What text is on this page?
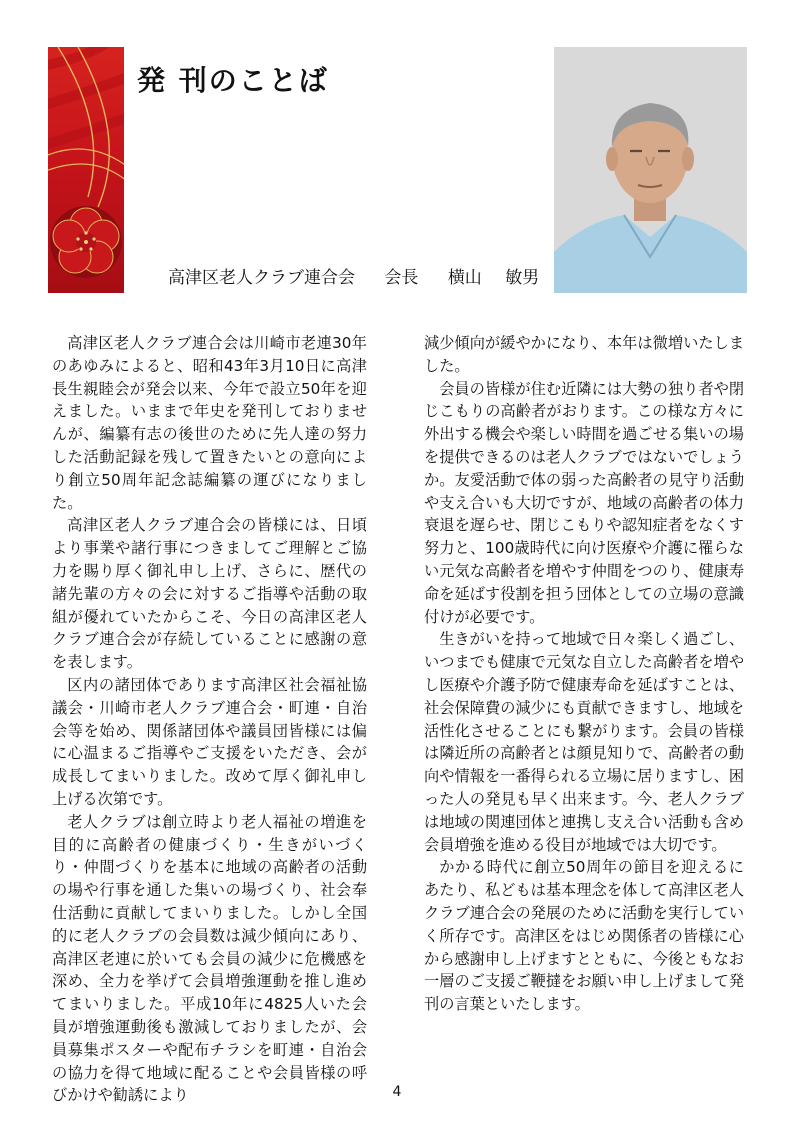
発 刊のことば
高津区老人クラブ連合会 会長 横山 敏男

高津区老人クラブ連合会は川崎市老連30年のあゆみによると、昭和43年3月10日に高津長生親睦会が発会以来、今年で設立50年を迎えました。いままで年史を発刊しておりませんが、編纂有志の後世のために先人達の努力した活動記録を残して置きたいとの意向により創立50周年記念誌編纂の運びになりました。

高津区老人クラブ連合会の皆様には、日頃より事業や諸行事につきましてご理解とご協力を賜り厚く御礼申し上げ、さらに、歴代の諸先輩の方々の会に対するご指導や活動の取組が優れていたからこそ、今日の高津区老人クラブ連合会が存続していることに感謝の意を表します。

区内の諸団体であります高津区社会福祉協議会・川崎市老人クラブ連合会・町連・自治会等を始め、関係諸団体や議員団皆様には偏に心温まるご指導やご支援をいただき、会が成長してまいりました。改めて厚く御礼申し上げる次第です。

老人クラブは創立時より老人福祉の増進を目的に高齢者の健康づくり・生きがいづくり・仲間づくりを基本に地域の高齢者の活動の場や行事を通した集いの場づくり、社会奉仕活動に貢献してまいりました。しかし全国的に老人クラブの会員数は減少傾向にあり、高津区老連に於いても会員の減少に危機感を深め、全力を挙げて会員増強運動を推し進めてまいりました。平成10年に4825人いた会員が増強運動後も激減しておりましたが、会員募集ポスターや配布チラシを町連・自治会の協力を得て地域に配ることや会員皆様の呼びかけや勧誘により

減少傾向が緩やかになり、本年は微増いたしました。

会員の皆様が住む近隣には大勢の独り者や閉じこもりの高齢者がおります。この様な方々に外出する機会や楽しい時間を過ごせる集いの場を提供できるのは老人クラブではないでしょうか。友愛活動で体の弱った高齢者の見守り活動や支え合いも大切ですが、地域の高齢者の体力衰退を遅らせ、閉じこもりや認知症者をなくす努力と、100歳時代に向け医療や介護に罹らない元気な高齢者を増やす仲間をつのり、健康寿命を延ばす役割を担う団体としての立場の意識付けが必要です。

生きがいを持って地域で日々楽しく過ごし、いつまでも健康で元気な自立した高齢者を増やし医療や介護予防で健康寿命を延ばすことは、社会保障費の減少にも貢献できますし、地域を活性化させることにも繋がります。会員の皆様は隣近所の高齢者とは顔見知りで、高齢者の動向や情報を一番得られる立場に居りますし、困った人の発見も早く出来ます。今、老人クラブは地域の関連団体と連携し支え合い活動も含め会員増強を進める役目が地域では大切です。

かかる時代に創立50周年の節目を迎えるにあたり、私どもは基本理念を体して高津区老人クラブ連合会の発展のために活動を実行していく所存です。高津区をはじめ関係者の皆様に心から感謝申し上げますとともに、今後ともなお一層のご支援ご鞭撻をお願い申し上げまして発刊の言葉といたします。

4
